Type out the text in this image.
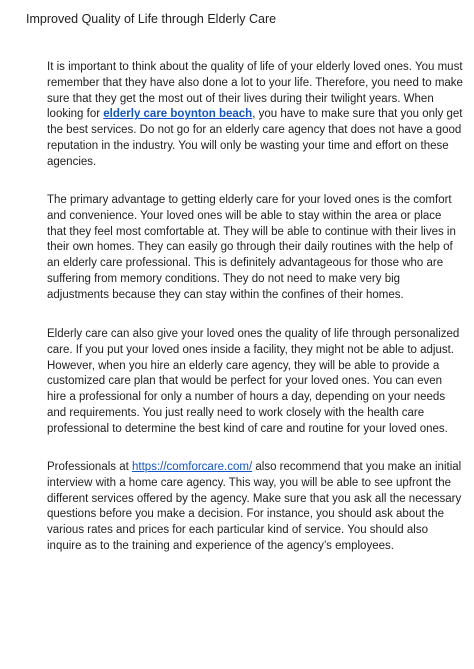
Improved Quality of Life through Elderly Care

It is important to think about the quality of life of your elderly loved ones. You must remember that they have also done a lot to your life. Therefore, you need to make sure that they get the most out of their lives during their twilight years. When looking for elderly care boynton beach, you have to make sure that you only get the best services. Do not go for an elderly care agency that does not have a good reputation in the industry. You will only be wasting your time and effort on these agencies.

The primary advantage to getting elderly care for your loved ones is the comfort and convenience. Your loved ones will be able to stay within the area or place that they feel most comfortable at. They will be able to continue with their lives in their own homes. They can easily go through their daily routines with the help of an elderly care professional. This is definitely advantageous for those who are suffering from memory conditions. They do not need to make very big adjustments because they can stay within the confines of their homes.

Elderly care can also give your loved ones the quality of life through personalized care. If you put your loved ones inside a facility, they might not be able to adjust. However, when you hire an elderly care agency, they will be able to provide a customized care plan that would be perfect for your loved ones. You can even hire a professional for only a number of hours a day, depending on your needs and requirements. You just really need to work closely with the health care professional to determine the best kind of care and routine for your loved ones.

Professionals at https://comforcare.com/ also recommend that you make an initial interview with a home care agency. This way, you will be able to see upfront the different services offered by the agency. Make sure that you ask all the necessary questions before you make a decision. For instance, you should ask about the various rates and prices for each particular kind of service. You should also inquire as to the training and experience of the agency’s employees.
